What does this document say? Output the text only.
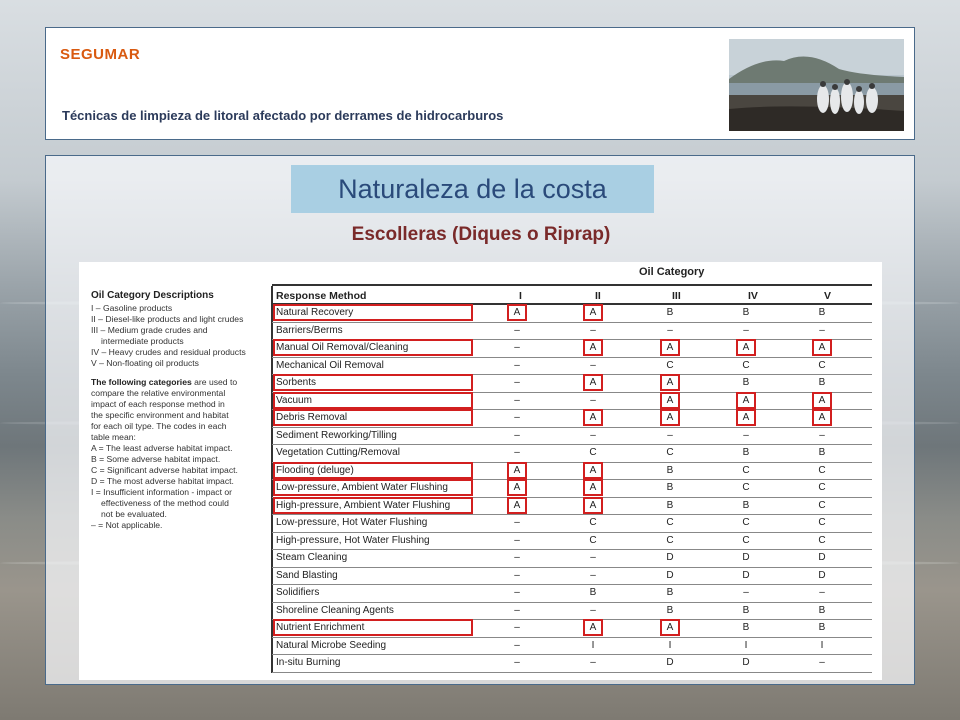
SEGUMAR
Técnicas de limpieza de litoral afectado por derrames de hidrocarburos
Naturaleza de la costa
Escolleras (Diques o Riprap)
Oil Category Descriptions
I – Gasoline products
II – Diesel-like products and light crudes
III – Medium grade crudes and
intermediate products
IV – Heavy crudes and residual products
V – Non-floating oil products
The following categories are used to
compare the relative environmental
impact of each response method in
the specific environment and habitat
for each oil type. The codes in each
table mean:
A = The least adverse habitat impact.
B = Some adverse habitat impact.
C = Significant adverse habitat impact.
D = The most adverse habitat impact.
I = Insufficient information - impact or
effectiveness of the method could
not be evaluated.
– = Not applicable.
Oil Category
Response Method	I	II	III	IV	V
Natural Recovery	A	A	B	B	B
Barriers/Berms	–	–	–	–	–
Manual Oil Removal/Cleaning	–	A	A	A	A
Mechanical Oil Removal	–	–	C	C	C
Sorbents	–	A	A	B	B
Vacuum	–	–	A	A	A
Debris Removal	–	A	A	A	A
Sediment Reworking/Tilling	–	–	–	–	–
Vegetation Cutting/Removal	–	C	C	B	B
Flooding (deluge)	A	A	B	C	C
Low-pressure, Ambient Water Flushing	A	A	B	C	C
High-pressure, Ambient Water Flushing	A	A	B	B	C
Low-pressure, Hot Water Flushing	–	C	C	C	C
High-pressure, Hot Water Flushing	–	C	C	C	C
Steam Cleaning	–	–	D	D	D
Sand Blasting	–	–	D	D	D
Solidifiers	–	B	B	–	–
Shoreline Cleaning Agents	–	–	B	B	B
Nutrient Enrichment	–	A	A	B	B
Natural Microbe Seeding	–	I	I	I	I
In-situ Burning	–	–	D	D	–
